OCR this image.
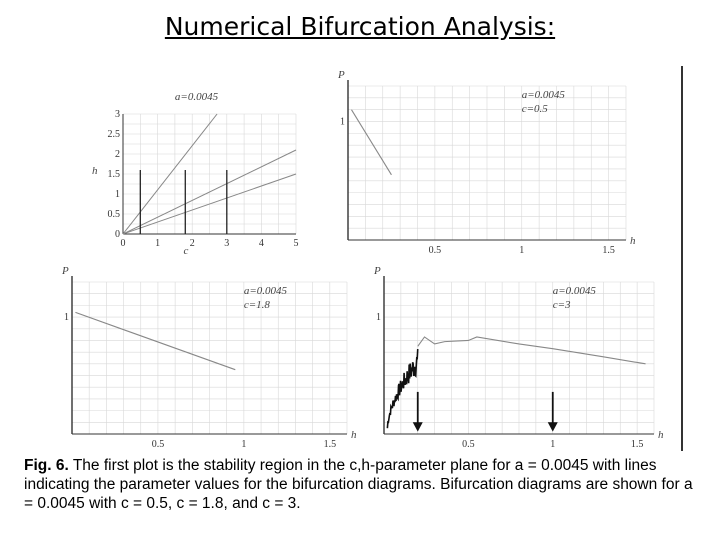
Numerical Bifurcation Analysis:
0	1	2	3	4	5
0
0.5
1
1.5
2
2.5
3
c
h
a=0.0045
0.5	1	1.5
1
h
P
a=0.0045
c=0.5
0.5	1	1.5
1
h
P
a=0.0045
c=1.8
0.5	1	1.5
1
h
P
a=0.0045
c=3
Fig. 6. The first plot is the stability region in the c,h-parameter plane for a = 0.0045 with lines indicating the parameter values for the bifurcation diagrams. Bifurcation diagrams are shown for a = 0.0045 with c = 0.5, c = 1.8, and c = 3.
